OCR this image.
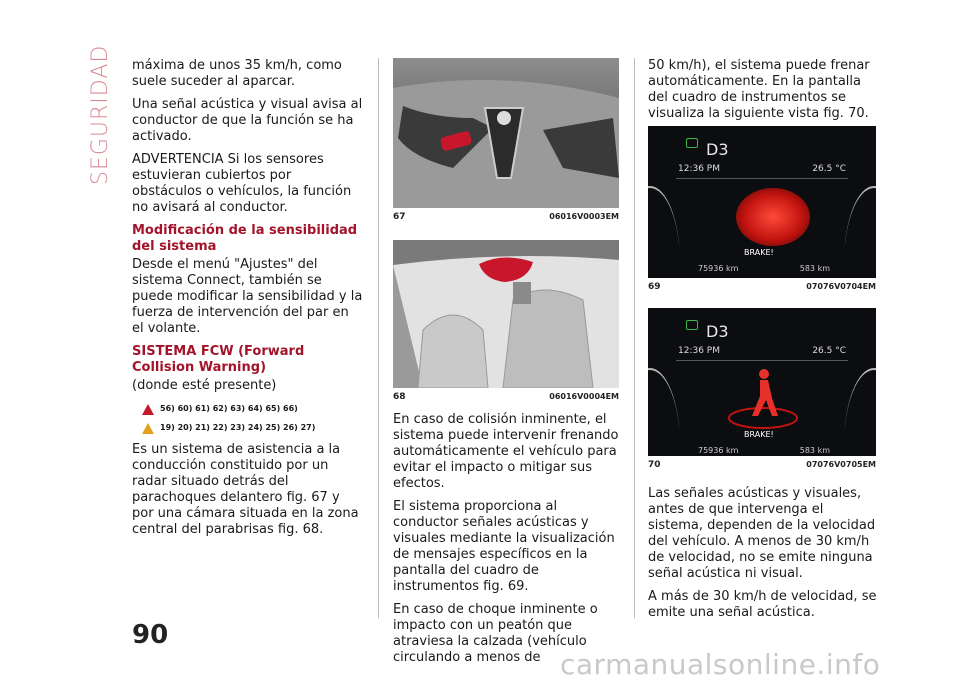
SEGURIDAD máxima de unos 35 km/h, como suele suceder al aparcar.

Una señal acústica y visual avisa al conductor de que la función se ha activado.

ADVERTENCIA Si los sensores estuvieran cubiertos por obstáculos o vehículos, la función no avisará al conductor.

Modificación de la sensibilidad del sistema

Desde el menú "Ajustes" del sistema Connect, también se puede modificar la sensibilidad y la fuerza de intervención del par en el volante.

SISTEMA FCW (Forward Collision Warning)

(donde esté presente)

56) 60) 61) 62) 63) 64) 65) 66)
19) 20) 21) 22) 23) 24) 25) 26) 27)

Es un sistema de asistencia a la conducción constituido por un radar situado detrás del parachoques delantero fig. 67 y por una cámara situada en la zona central del parabrisas fig. 68.

67	06016V0003EM
68	06016V0004EM

En caso de colisión inminente, el sistema puede intervenir frenando automáticamente el vehículo para evitar el impacto o mitigar sus efectos.

El sistema proporciona al conductor señales acústicas y visuales mediante la visualización de mensajes específicos en la pantalla del cuadro de instrumentos fig. 69.

En caso de choque inminente o impacto con un peatón que atraviesa la calzada (vehículo circulando a menos de

50 km/h), el sistema puede frenar automáticamente. En la pantalla del cuadro de instrumentos se visualiza la siguiente vista fig. 70.

D3
12:36 PM	26.5 °C
BRAKE!
75936 km	583 km
69	07076V0704EM
D3
12:36 PM	26.5 °C
BRAKE!
75936 km	583 km
70	07076V0705EM

Las señales acústicas y visuales, antes de que intervenga el sistema, dependen de la velocidad del vehículo. A menos de 30 km/h de velocidad, no se emite ninguna señal acústica ni visual.

A más de 30 km/h de velocidad, se emite una señal acústica.

90
carmanualsonline.info
